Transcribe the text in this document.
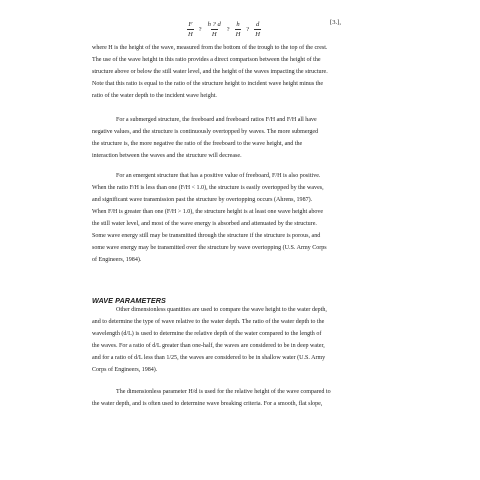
$\frac{F}{H}$ ? $\frac{h ? d}{H}$ ? $\frac{h}{H}$ ? $\frac{d}{H}$	[3.],
where H is the height of the wave, measured from the bottom of the trough to the top of the crest.
The use of the wave height in this ratio provides a direct comparison between the height of the
structure above or below the still water level, and the height of the waves impacting the structure.
Note that this ratio is equal to the ratio of the structure height to incident wave height minus the
ratio of the water depth to the incident wave height.
For a submerged structure, the freeboard and freeboard ratios F/H and F/H all have
negative values, and the structure is continuously overtopped by waves. The more submerged
the structure is, the more negative the ratio of the freeboard to the wave height, and the
interaction between the waves and the structure will decrease.
For an emergent structure that has a positive value of freeboard, F/H is also positive.
When the ratio F/H is less than one (F/H < 1.0), the structure is easily overtopped by the waves,
and significant wave transmission past the structure by overtopping occurs (Ahrens, 1987).
When F/H is greater than one (F/H > 1.0), the structure height is at least one wave height above
the still water level, and most of the wave energy is absorbed and attenuated by the structure.
Some wave energy still may be transmitted through the structure if the structure is porous, and
some wave energy may be transmitted over the structure by wave overtopping (U.S. Army Corps
of Engineers, 1984).
WAVE PARAMETERS
Other dimensionless quantities are used to compare the wave height to the water depth,
and to determine the type of wave relative to the water depth. The ratio of the water depth to the
wavelength (d/L) is used to determine the relative depth of the water compared to the length of
the waves. For a ratio of d/L greater than one-half, the waves are considered to be in deep water,
and for a ratio of d/L less than 1/25, the waves are considered to be in shallow water (U.S. Army
Corps of Engineers, 1984).
The dimensionless parameter H/d is used for the relative height of the wave compared to
the water depth, and is often used to determine wave breaking criteria. For a smooth, flat slope,
